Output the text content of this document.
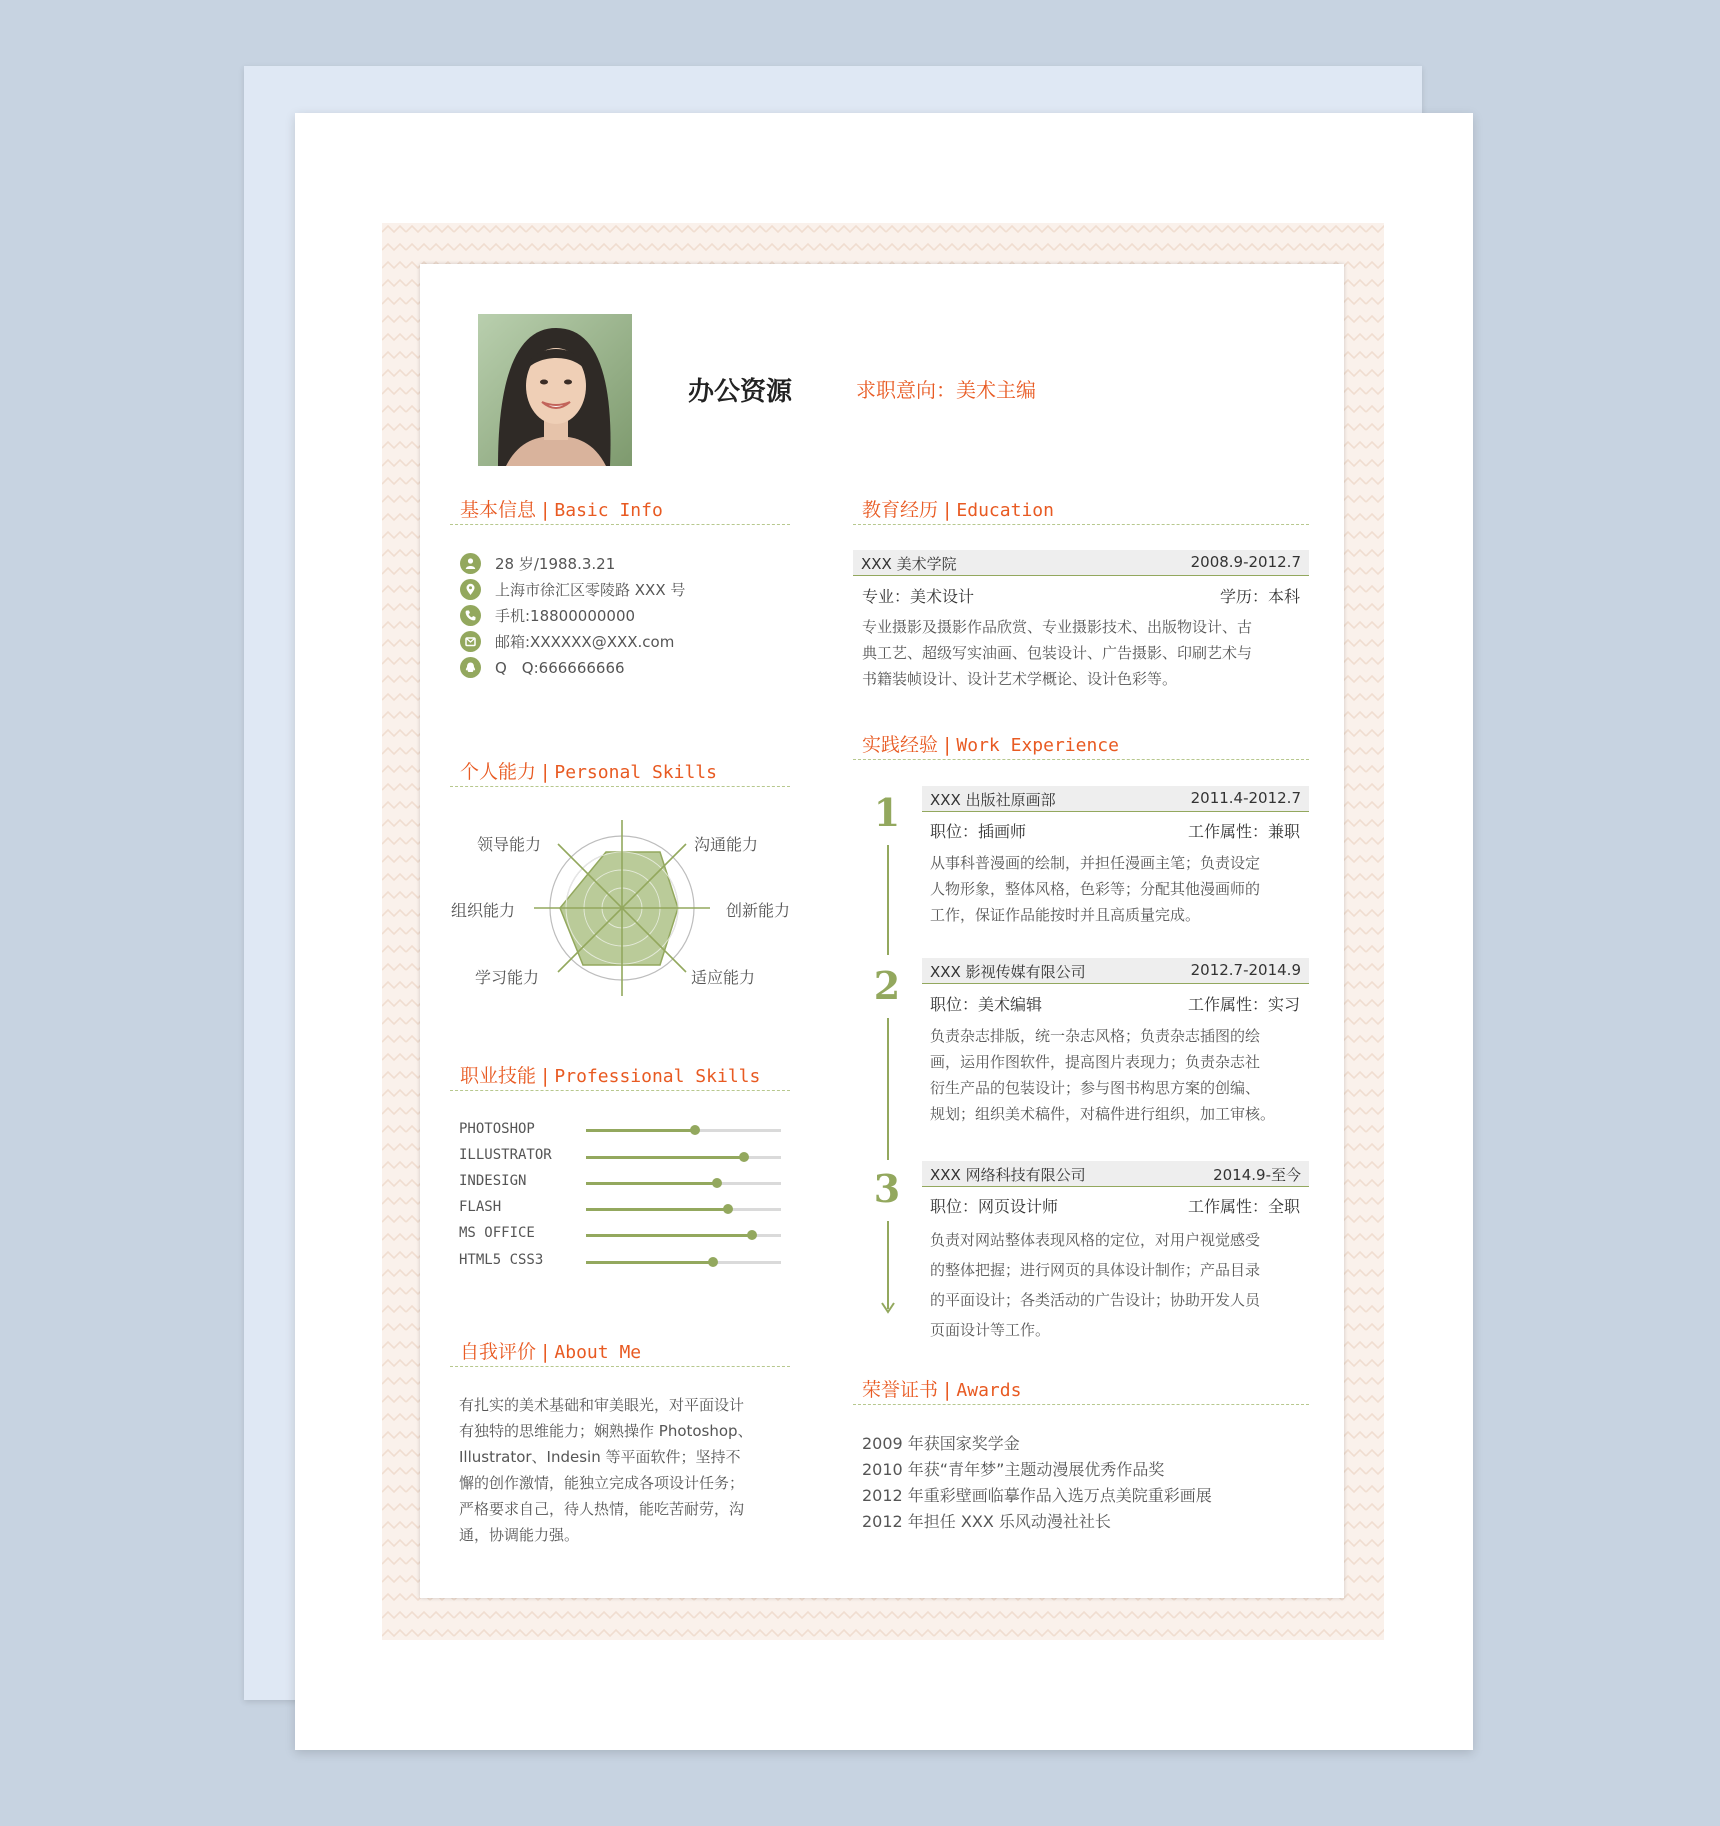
办公资源	求职意向：美术主编
基本信息 | Basic Info
28 岁/1988.3.21
上海市徐汇区零陵路 XXX 号
手机:18800000000
邮箱:XXXXXX@XXX.com
Q　Q:666666666
个人能力 | Personal Skills
领导能力	沟通能力
组织能力	创新能力
学习能力	适应能力
职业技能 | Professional Skills
PHOTOSHOP
ILLUSTRATOR
INDESIGN
FLASH
MS OFFICE
HTML5 CSS3
自我评价 | About Me
有扎实的美术基础和审美眼光，对平面设计
有独特的思维能力；娴熟操作 Photoshop、
Illustrator、Indesin 等平面软件；坚持不
懈的创作激情，能独立完成各项设计任务；
严格要求自己，待人热情，能吃苦耐劳，沟
通，协调能力强。
教育经历 | Education
XXX 美术学院	2008.9-2012.7
专业：美术设计	学历：本科
专业摄影及摄影作品欣赏、专业摄影技术、出版物设计、古
典工艺、超级写实油画、包装设计、广告摄影、印刷艺术与
书籍装帧设计、设计艺术学概论、设计色彩等。
实践经验 | Work Experience
1
2
3
XXX 出版社原画部	2011.4-2012.7
职位：插画师	工作属性：兼职
从事科普漫画的绘制，并担任漫画主笔；负责设定
人物形象，整体风格，色彩等；分配其他漫画师的
工作，保证作品能按时并且高质量完成。
XXX 影视传媒有限公司	2012.7-2014.9
职位：美术编辑	工作属性：实习
负责杂志排版，统一杂志风格；负责杂志插图的绘
画，运用作图软件，提高图片表现力；负责杂志社
衍生产品的包装设计；参与图书构思方案的创编、
规划；组织美术稿件，对稿件进行组织，加工审核。
XXX 网络科技有限公司	2014.9-至今
职位：网页设计师	工作属性：全职
负责对网站整体表现风格的定位，对用户视觉感受
的整体把握；进行网页的具体设计制作；产品目录
的平面设计；各类活动的广告设计；协助开发人员
页面设计等工作。
荣誉证书 | Awards
2009 年获国家奖学金
2010 年获“青年梦”主题动漫展优秀作品奖
2012 年重彩壁画临摹作品入选万点美院重彩画展
2012 年担任 XXX 乐风动漫社社长
